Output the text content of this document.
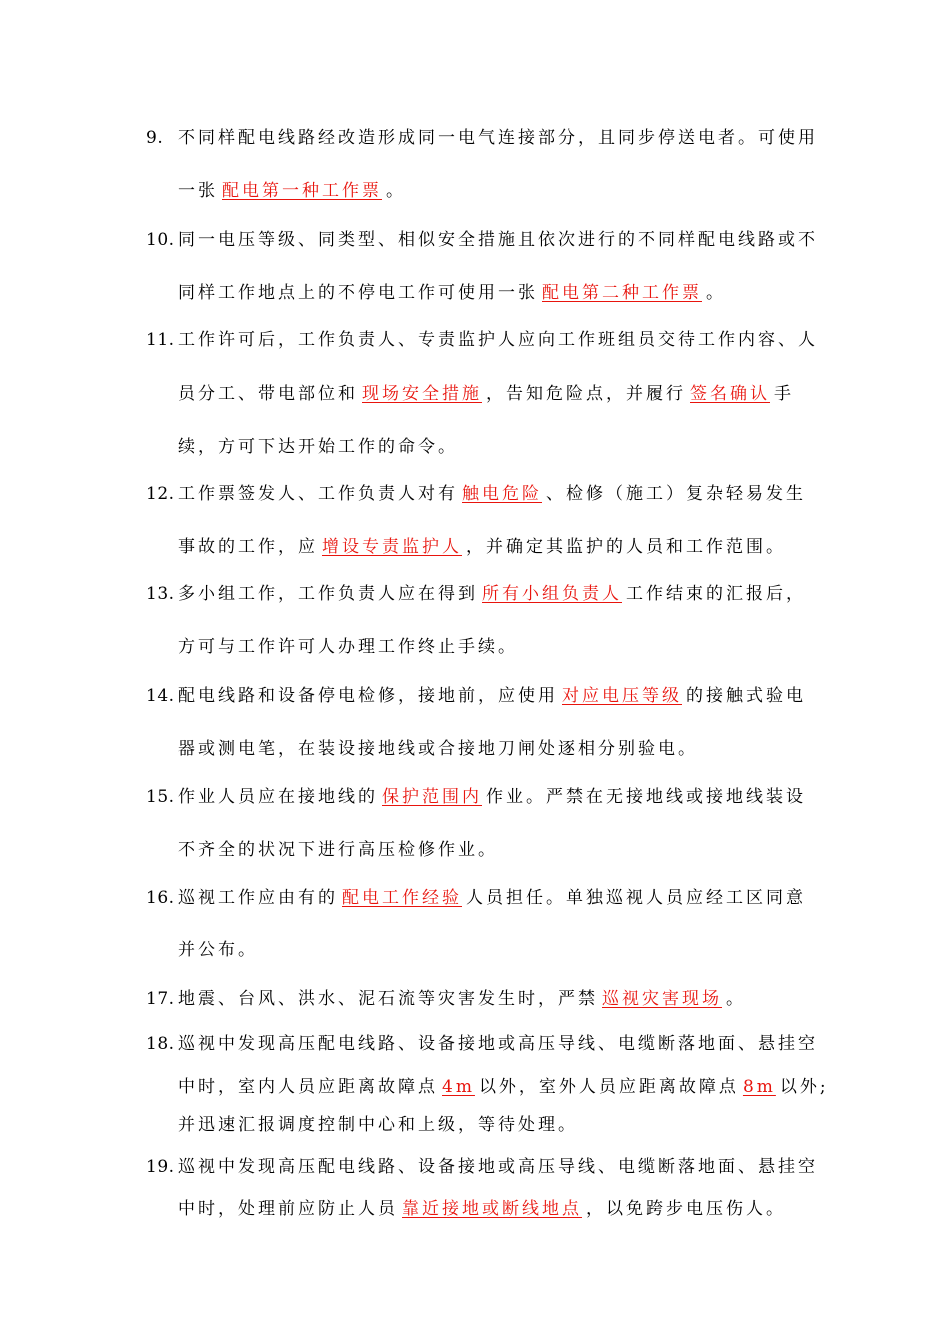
9. 不同样配电线路经改造形成同一电气连接部分，且同步停送电者。可使用
一张 配电第一种工作票 。
10. 同一电压等级、同类型、相似安全措施且依次进行的不同样配电线路或不
同样工作地点上的不停电工作可使用一张 配电第二种工作票 。
11. 工作许可后，工作负责人、专责监护人应向工作班组员交待工作内容、人
员分工、带电部位和 现场安全措施 ，告知危险点，并履行 签名确认 手
续，方可下达开始工作的命令。
12. 工作票签发人、工作负责人对有 触电危险 、检修（施工）复杂轻易发生
事故的工作，应 增设专责监护人 ，并确定其监护的人员和工作范围。
13. 多小组工作，工作负责人应在得到 所有小组负责人 工作结束的汇报后，
方可与工作许可人办理工作终止手续。
14. 配电线路和设备停电检修，接地前，应使用 对应电压等级 的接触式验电
器或测电笔，在装设接地线或合接地刀闸处逐相分别验电。
15. 作业人员应在接地线的 保护范围内 作业。严禁在无接地线或接地线装设
不齐全的状况下进行高压检修作业。
16. 巡视工作应由有的 配电工作经验 人员担任。单独巡视人员应经工区同意
并公布。
17. 地震、台风、洪水、泥石流等灾害发生时，严禁 巡视灾害现场 。
18. 巡视中发现高压配电线路、设备接地或高压导线、电缆断落地面、悬挂空
中时，室内人员应距离故障点 4m 以外，室外人员应距离故障点 8m 以外;
并迅速汇报调度控制中心和上级，等待处理。
19. 巡视中发现高压配电线路、设备接地或高压导线、电缆断落地面、悬挂空
中时，处理前应防止人员 靠近接地或断线地点 ，以免跨步电压伤人。
